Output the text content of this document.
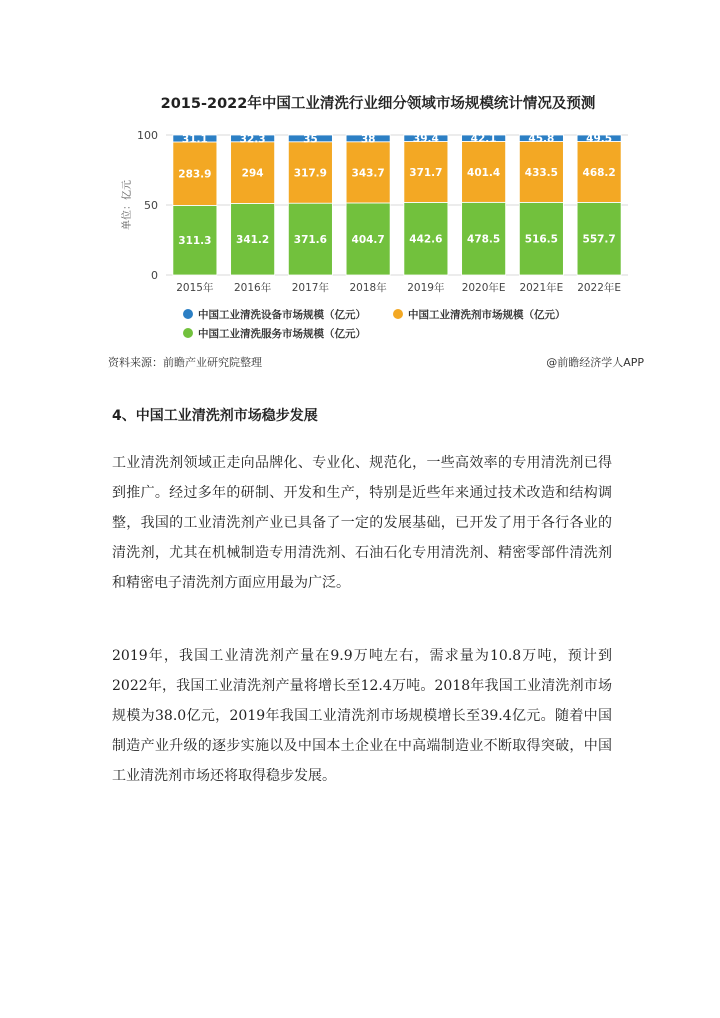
2015-2022年中国工业清洗行业细分领域市场规模统计情况及预测
单位：亿元
0
50
100
311.3
283.9
31.1
2015年
341.2
294
32.3
2016年
371.6
317.9
35
2017年
404.7
343.7
38
2018年
442.6
371.7
39.4
2019年
478.5
401.4
42.1
2020年E
516.5
433.5
45.8
2021年E
557.7
468.2
49.5
2022年E
中国工业清洗设备市场规模（亿元）	中国工业清洗剂市场规模（亿元）
中国工业清洗服务市场规模（亿元）
资料来源：前瞻产业研究院整理	@前瞻经济学人APP
4、中国工业清洗剂市场稳步发展

工业清洗剂领域正走向品牌化、专业化、规范化，一些高效率的专用清洗剂已得到推广。经过多年的研制、开发和生产，特别是近些年来通过技术改造和结构调整，我国的工业清洗剂产业已具备了一定的发展基础，已开发了用于各行各业的清洗剂，尤其在机械制造专用清洗剂、石油石化专用清洗剂、精密零部件清洗剂和精密电子清洗剂方面应用最为广泛。

2019年，我国工业清洗剂产量在9.9万吨左右，需求量为10.8万吨，预计到2022年，我国工业清洗剂产量将增长至12.4万吨。2018年我国工业清洗剂市场规模为38.0亿元，2019年我国工业清洗剂市场规模增长至39.4亿元。随着中国制造产业升级的逐步实施以及中国本土企业在中高端制造业不断取得突破，中国工业清洗剂市场还将取得稳步发展。
